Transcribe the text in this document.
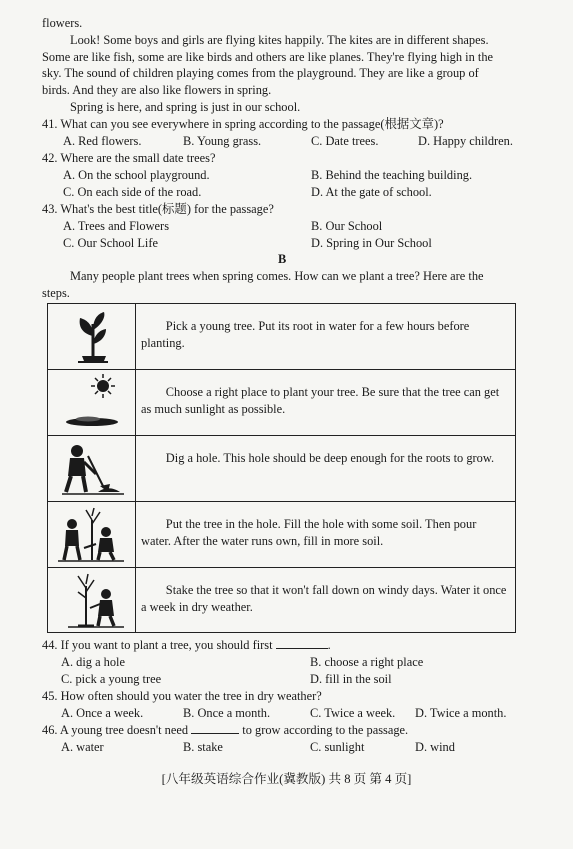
flowers.
Look! Some boys and girls are flying kites happily. The kites are in different shapes.
Some are like fish, some are like birds and others are like planes. They're flying high in the
sky. The sound of children playing comes from the playground. They are like a group of
birds. And they are also like flowers in spring.
Spring is here, and spring is just in our school.
41. What can you see everywhere in spring according to the passage(根据文章)?
A. Red flowers.	B. Young grass.	C. Date trees.	D. Happy children.
42. Where are the small date trees?
A. On the school playground.	B. Behind the teaching building.
C. On each side of the road.	D. At the gate of school.
43. What's the best title(标题) for the passage?
A. Trees and Flowers	B. Our School
C. Our School Life	D. Spring in Our School
B
Many people plant trees when spring comes. How can we plant a tree? Here are the
steps.
Pick a young tree. Put its root in water for a few hours before planting.
Choose a right place to plant your tree. Be sure that the tree can get as much sunlight as possible.
Dig a hole. This hole should be deep enough for the roots to grow.
Put the tree in the hole. Fill the hole with some soil. Then pour water. After the water runs own, fill in more soil.
Stake the tree so that it won't fall down on windy days. Water it once a week in dry weather.
44. If you want to plant a tree, you should first	.
A. dig a hole	B. choose a right place
C. pick a young tree	D. fill in the soil
45. How often should you water the tree in dry weather?
A. Once a week.	B. Once a month.	C. Twice a week. D. Twice a month.
46. A young tree doesn't need	to grow according to the passage.
A. water	B. stake	C. sunlight	D. wind
[八年级英语综合作业(冀教版) 共 8 页 第 4 页]
